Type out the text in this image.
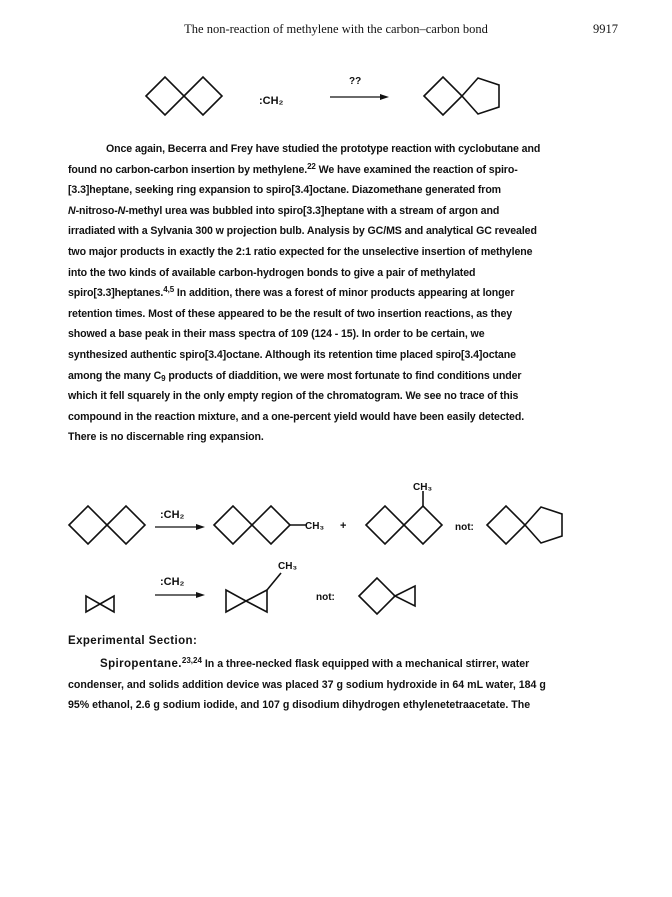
The non-reaction of methylene with the carbon–carbon bond	9917
:CH₂
??
Once again, Becerra and Frey have studied the prototype reaction with cyclobutane and
found no carbon-carbon insertion by methylene.$^{22}$ We have examined the reaction of spiro-
[3.3]heptane, seeking ring expansion to spiro[3.4]octane. Diazomethane generated from
N-nitroso-N-methyl urea was bubbled into spiro[3.3]heptane with a stream of argon and
irradiated with a Sylvania 300 w projection bulb. Analysis by GC/MS and analytical GC revealed
two major products in exactly the 2:1 ratio expected for the unselective insertion of methylene
into the two kinds of available carbon-hydrogen bonds to give a pair of methylated
spiro[3.3]heptanes.$^{4,5}$ In addition, there was a forest of minor products appearing at longer
retention times. Most of these appeared to be the result of two insertion reactions, as they
showed a base peak in their mass spectra of 109 (124 - 15). In order to be certain, we
synthesized authentic spiro[3.4]octane. Although its retention time placed spiro[3.4]octane
among the many $C_9$ products of diaddition, we were most fortunate to find conditions under
which it fell squarely in the only empty region of the chromatogram. We see no trace of this
compound in the reaction mixture, and a one-percent yield would have been easily detected.
There is no discernable ring expansion.
:CH₂
CH₃ +
CH₃
not:
:CH₂
CH₃
not:
Experimental Section:
Spiropentane.$^{23,24}$ In a three-necked flask equipped with a mechanical stirrer, water
condenser, and solids addition device was placed 37 g sodium hydroxide in 64 mL water, 184 g
95% ethanol, 2.6 g sodium iodide, and 107 g disodium dihydrogen ethylenetetraacetate. The
